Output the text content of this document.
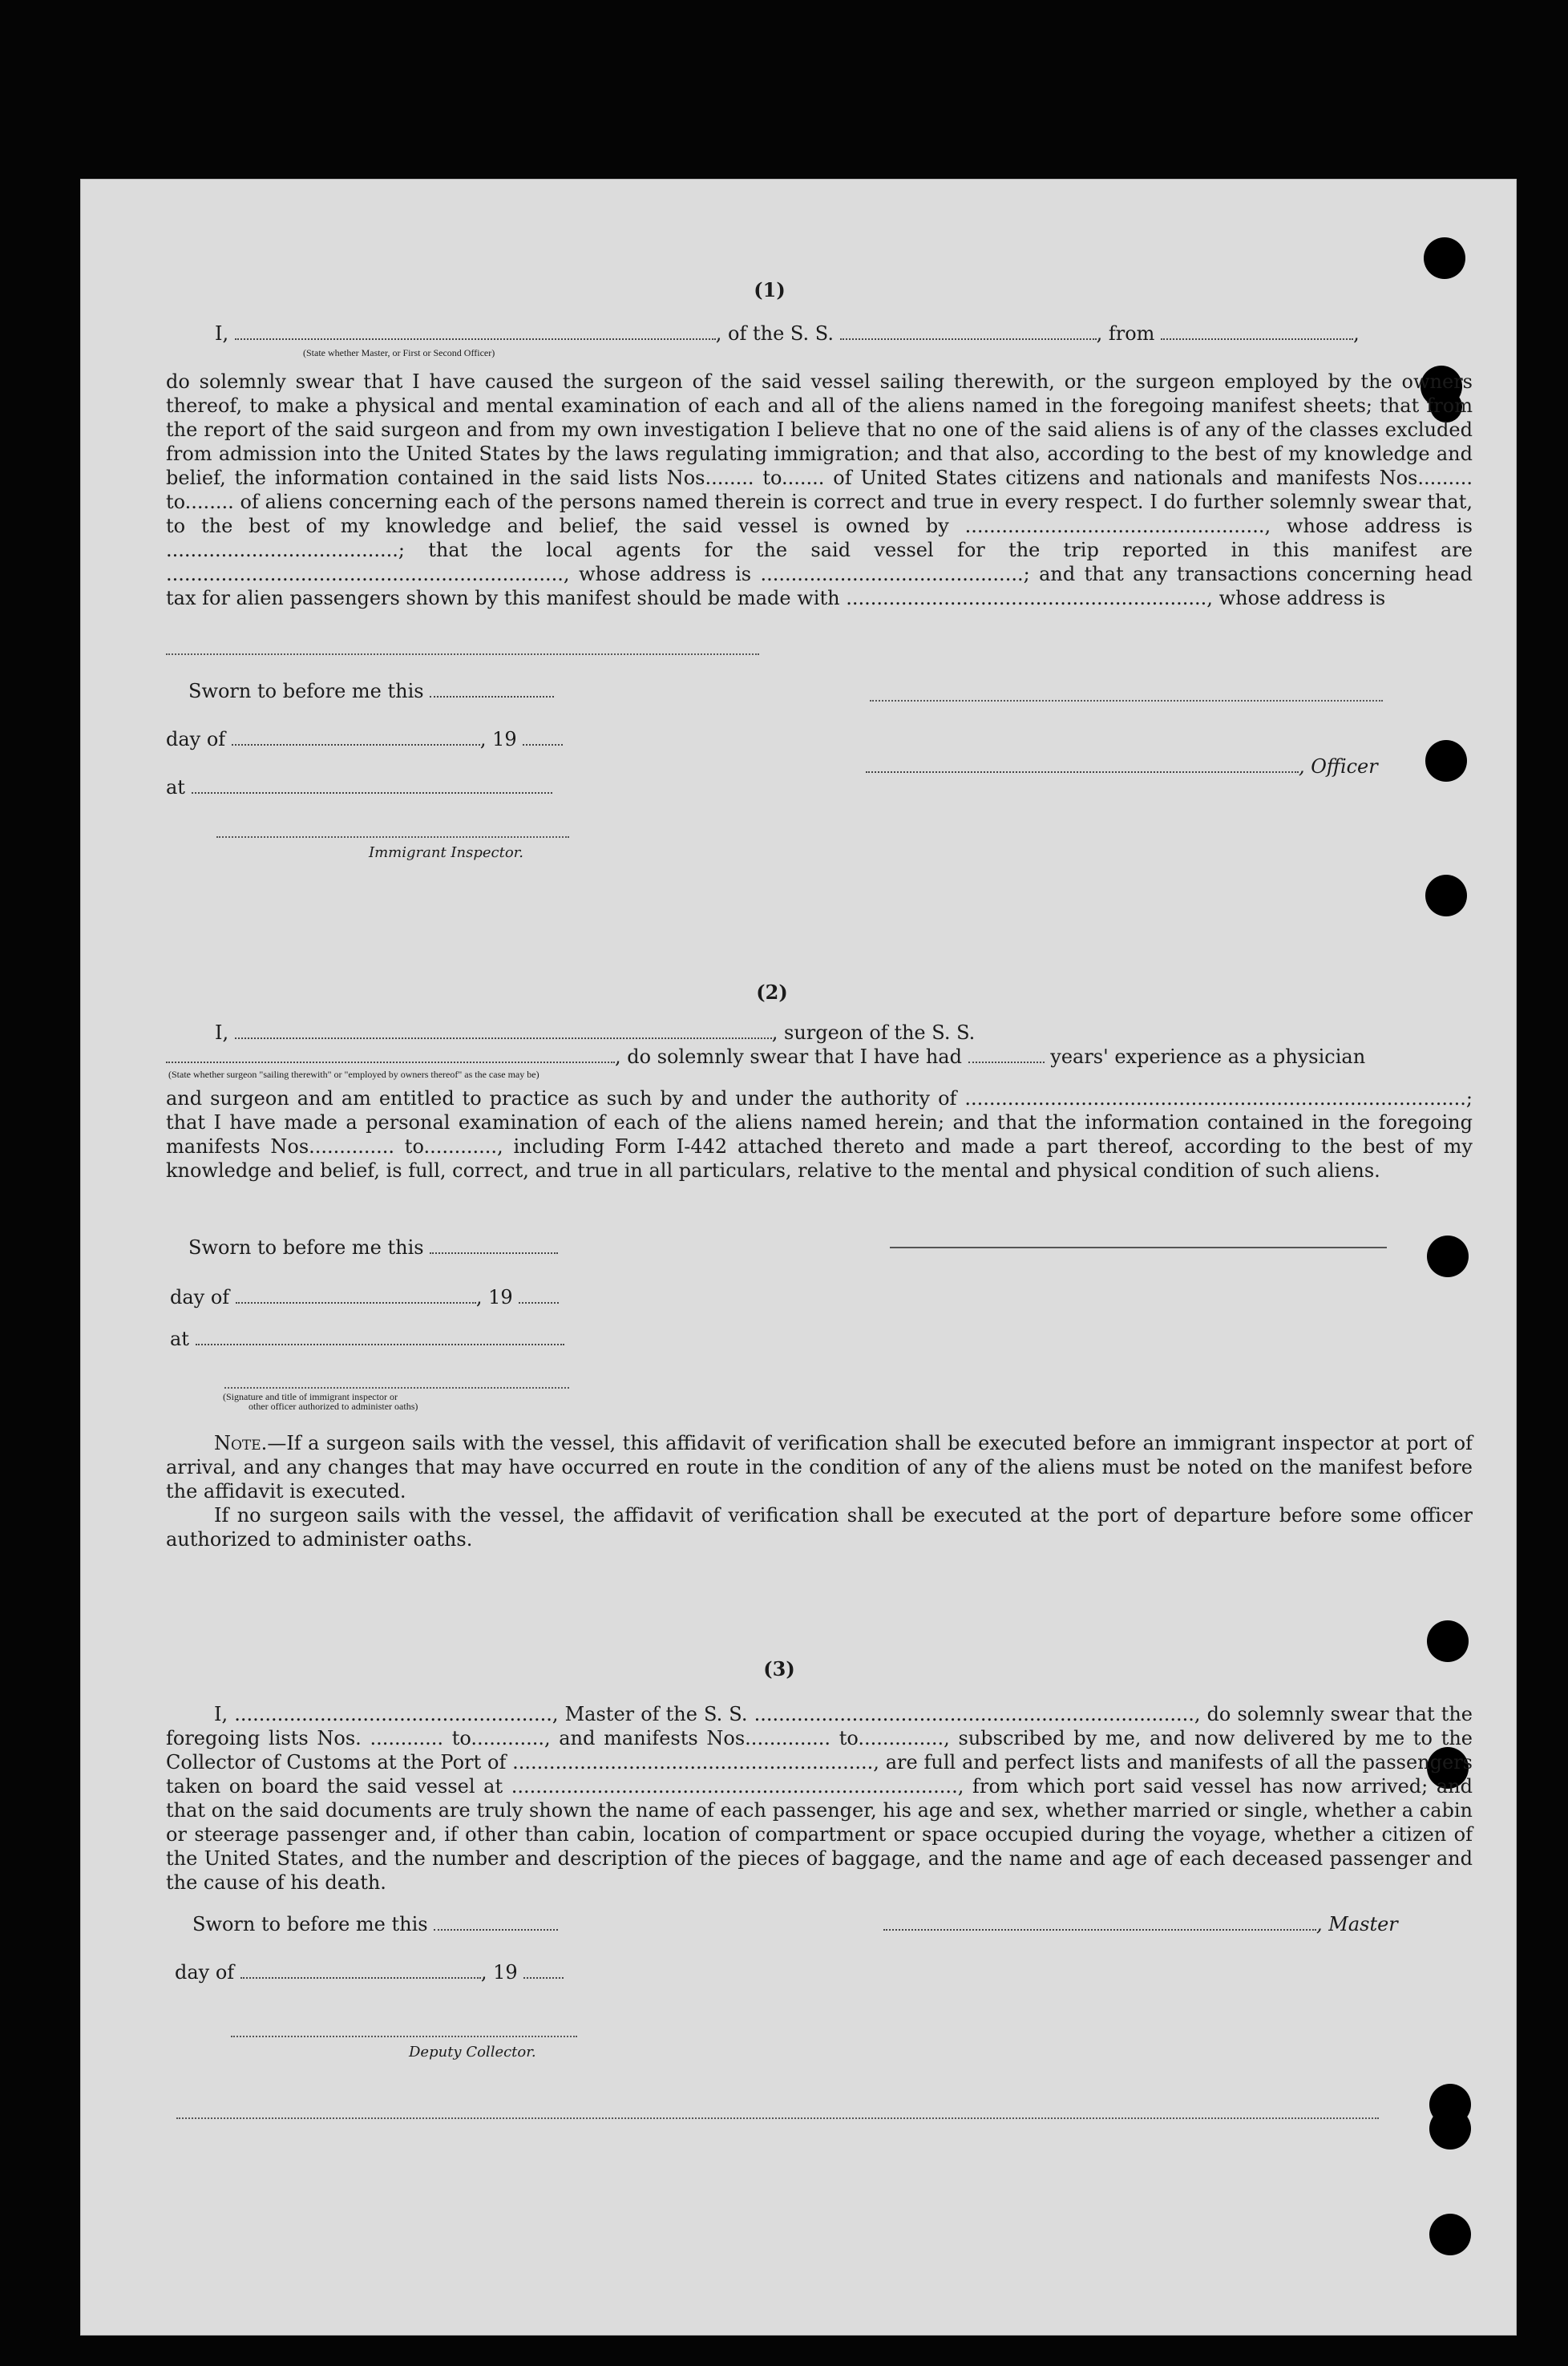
(1)
I,	, of the S. S.	, from	,
(State whether Master, or First or Second Officer)

do solemnly swear that I have caused the surgeon of the said vessel sailing therewith, or the surgeon employed by the owners thereof, to make a physical and mental examination of each and all of the aliens named in the foregoing manifest sheets; that from the report of the said surgeon and from my own investigation I believe that no one of the said aliens is of any of the classes excluded from admission into the United States by the laws regulating immigration; and that also, according to the best of my knowledge and belief, the information contained in the said lists Nos........ to....... of United States citizens and nationals and manifests Nos......... to........ of aliens concerning each of the persons named therein is correct and true in every respect. I do further solemnly swear that, to the best of my knowledge and belief, the said vessel is owned by ................................................., whose address is ......................................; that the local agents for the said vessel for the trip reported in this manifest are ................................................................., whose address is ...........................................; and that any transactions concerning head tax for alien passengers shown by this manifest should be made with ..........................................................., whose address is

Sworn to before me this
day of	, 19
, Officer
at
Immigrant Inspector.
(2)
I,	, surgeon of the S. S.
, do solemnly swear that I have had	years' experience as a physician
(State whether surgeon "sailing therewith" or "employed by owners thereof" as the case may be)

and surgeon and am entitled to practice as such by and under the authority of ..................................................................................; that I have made a personal examination of each of the aliens named herein; and that the information contained in the foregoing manifests Nos.............. to............, including Form I-442 attached thereto and made a part thereof, according to the best of my knowledge and belief, is full, correct, and true in all particulars, relative to the mental and physical condition of such aliens.

Sworn to before me this
day of	, 19
at
(Signature and title of immigrant inspector or
other officer authorized to administer oaths)

Note.—If a surgeon sails with the vessel, this affidavit of verification shall be executed before an immigrant inspector at port of arrival, and any changes that may have occurred en route in the condition of any of the aliens must be noted on the manifest before the affidavit is executed.

If no surgeon sails with the vessel, the affidavit of verification shall be executed at the port of departure before some officer authorized to administer oaths.

(3)

I, ...................................................., Master of the S. S. ........................................................................, do solemnly swear that the foregoing lists Nos. ............ to............, and manifests Nos.............. to.............., subscribed by me, and now delivered by me to the Collector of Customs at the Port of ..........................................................., are full and perfect lists and manifests of all the passengers taken on board the said vessel at ........................................................................., from which port said vessel has now arrived; and that on the said documents are truly shown the name of each passenger, his age and sex, whether married or single, whether a cabin or steerage passenger and, if other than cabin, location of compartment or space occupied during the voyage, whether a citizen of the United States, and the number and description of the pieces of baggage, and the name and age of each deceased passenger and the cause of his death.

Sworn to before me this	, Master
day of	, 19
Deputy Collector.
